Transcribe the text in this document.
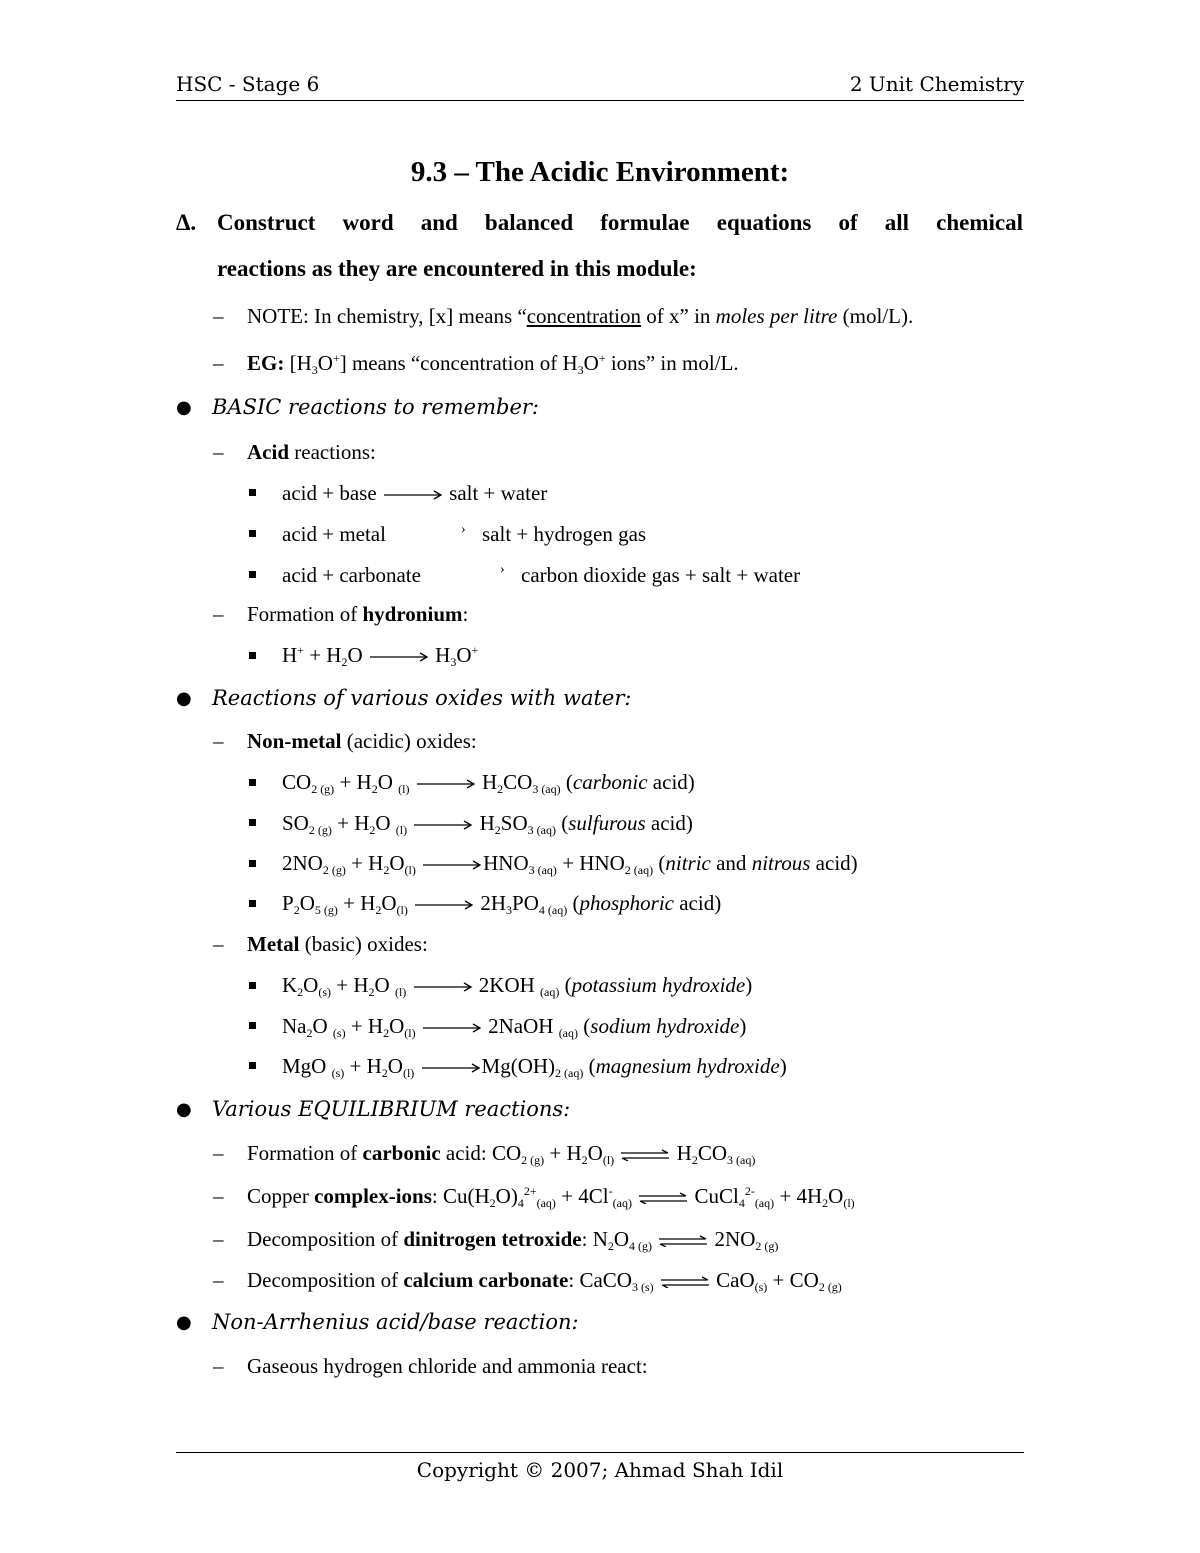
HSC - Stage 6	2 Unit Chemistry
9.3 – The Acidic Environment:
Δ. Construct word and balanced formulae equations of all chemical
reactions as they are encountered in this module:
– NOTE: In chemistry, [x] means “concentration of x” in moles per litre (mol/L).
– EG: $[H_3O^+]$ means “concentration of $H_3O^+$ ions” in mol/L.
● BASIC reactions to remember:
– Acid reactions:
acid + base	salt + water
acid + metal	› salt + hydrogen gas
acid + carbonate	› carbon dioxide gas + salt + water
– Formation of hydronium:
$H^+ + H_2O$	$H_3O^+$
● Reactions of various oxides with water:
– Non-metal (acidic) oxides:
$CO_{2 (g)} + H_2O$ $_{(l)}$	$H_2CO_{3 (aq)}$ (carbonic acid)
$SO_{2 (g)} + H_2O$ $_{(l)}$	$H_2SO_{3 (aq)}$ (sulfurous acid)
$2NO_{2 (g)} + H_2O_{(l)}$	$HNO_{3 (aq)} + HNO_{2 (aq)}$ (nitric and nitrous acid)
$P_2O_{5 (g)} + H_2O_{(l)}$	$2H_3PO_{4 (aq)}$ (phosphoric acid)
– Metal (basic) oxides:
$K_2O_{(s)} + H_2O$ $_{(l)}$	2KOH $_{(aq)}$ (potassium hydroxide)
$Na_2O$ $_{(s)} + H_2O_{(l)}$	2NaOH $_{(aq)}$ (sodium hydroxide)
MgO $_{(s)} + H_2O_{(l)}$	$Mg(OH)_{2 (aq)}$ (magnesium hydroxide)
● Various EQUILIBRIUM reactions:
– Formation of carbonic acid: $CO_{2 (g)} + H_2O_{(l)}$ ⇌ $H_2CO_{3 (aq)}$
– Copper complex-ions: $Cu(H_2O)_4^{2+}_{(aq)} + 4Cl^-_{(aq)}$ ⇌ CuCl$_4^{2-}_{(aq)}$ + $4H_2O_{(l)}$
– Decomposition of dinitrogen tetroxide: $N_2O_{4 (g)}$ ⇌ $2NO_{2 (g)}$
– Decomposition of calcium carbonate: CaCO$_{3 (s)}$ ⇌ $CaO_{(s)} + CO_{2 (g)}$
● Non-Arrhenius acid/base reaction:
– Gaseous hydrogen chloride and ammonia react:
Copyright © 2007; Ahmad Shah Idil
